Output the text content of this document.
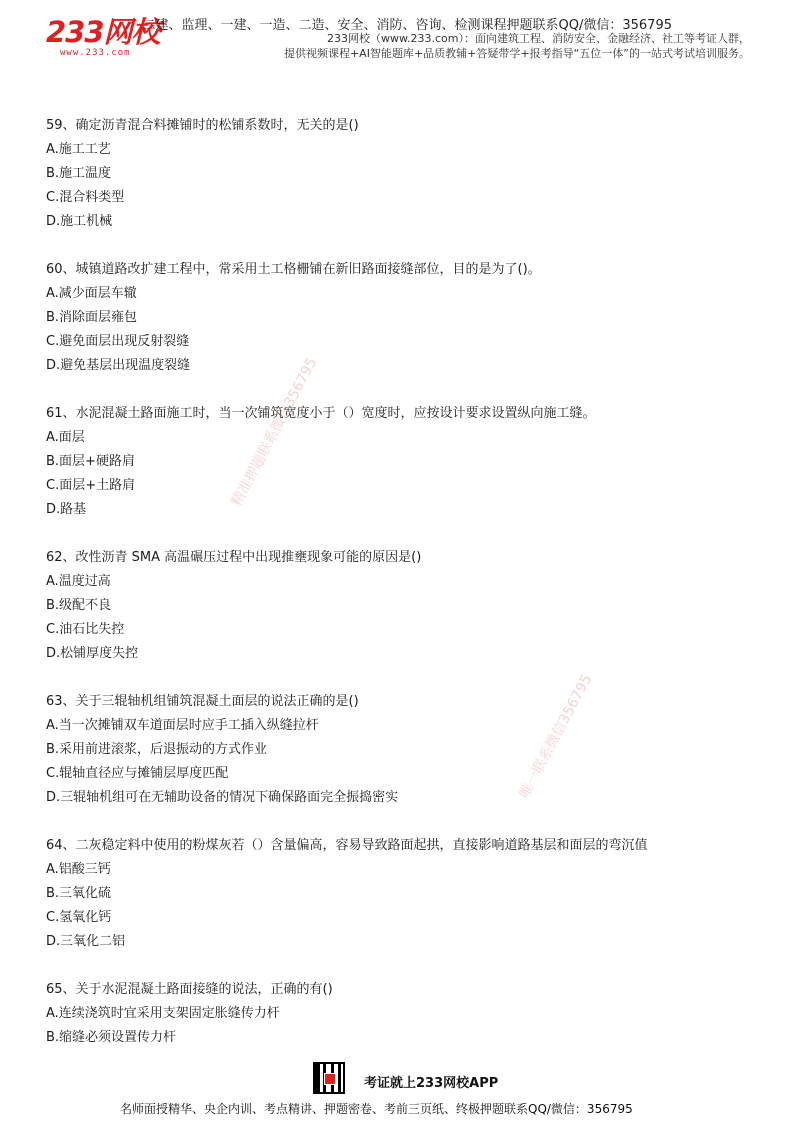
233网校
www.233.com
二建、监理、一建、一造、二造、安全、消防、咨询、检测课程押题联系QQ/微信：356795
233网校（www.233.com）：面向建筑工程、消防安全、金融经济、社工等考证人群，
提供视频课程+AI智能题库+品质教辅+答疑带学+报考指导“五位一体”的一站式考试培训服务。
59、确定沥青混合料摊铺时的松铺系数时，无关的是()
A.施工工艺
B.施工温度
C.混合料类型
D.施工机械
60、城镇道路改扩建工程中，常采用土工格栅铺在新旧路面接缝部位，目的是为了()。
A.减少面层车辙
B.消除面层雍包
C.避免面层出现反射裂缝
D.避免基层出现温度裂缝
61、水泥混凝土路面施工时，当一次铺筑宽度小于（）宽度时，应按设计要求设置纵向施工缝。
A.面层
B.面层+硬路肩
C.面层+土路肩
D.路基
62、改性沥青 SMA 高温碾压过程中出现推壅现象可能的原因是()
A.温度过高
B.级配不良
C.油石比失控
D.松铺厚度失控
63、关于三辊轴机组铺筑混凝土面层的说法正确的是()
A.当一次摊铺双车道面层时应手工插入纵缝拉杆
B.采用前进滚浆，后退振动的方式作业
C.辊轴直径应与摊铺层厚度匹配
D.三辊轴机组可在无辅助设备的情况下确保路面完全振捣密实
64、二灰稳定料中使用的粉煤灰若（）含量偏高，容易导致路面起拱，直接影响道路基层和面层的弯沉值
A.铝酸三钙
B.三氧化硫
C.氢氧化钙
D.三氧化二铝
65、关于水泥混凝土路面接缝的说法，正确的有()
A.连续浇筑时宜采用支架固定胀缝传力杆
B.缩缝必须设置传力杆
精准押题联系微信356795
唯一联系微信356795
考证就上233网校APP
名师面授精华、央企内训、考点精讲、押题密卷、考前三页纸、终极押题联系QQ/微信：356795
